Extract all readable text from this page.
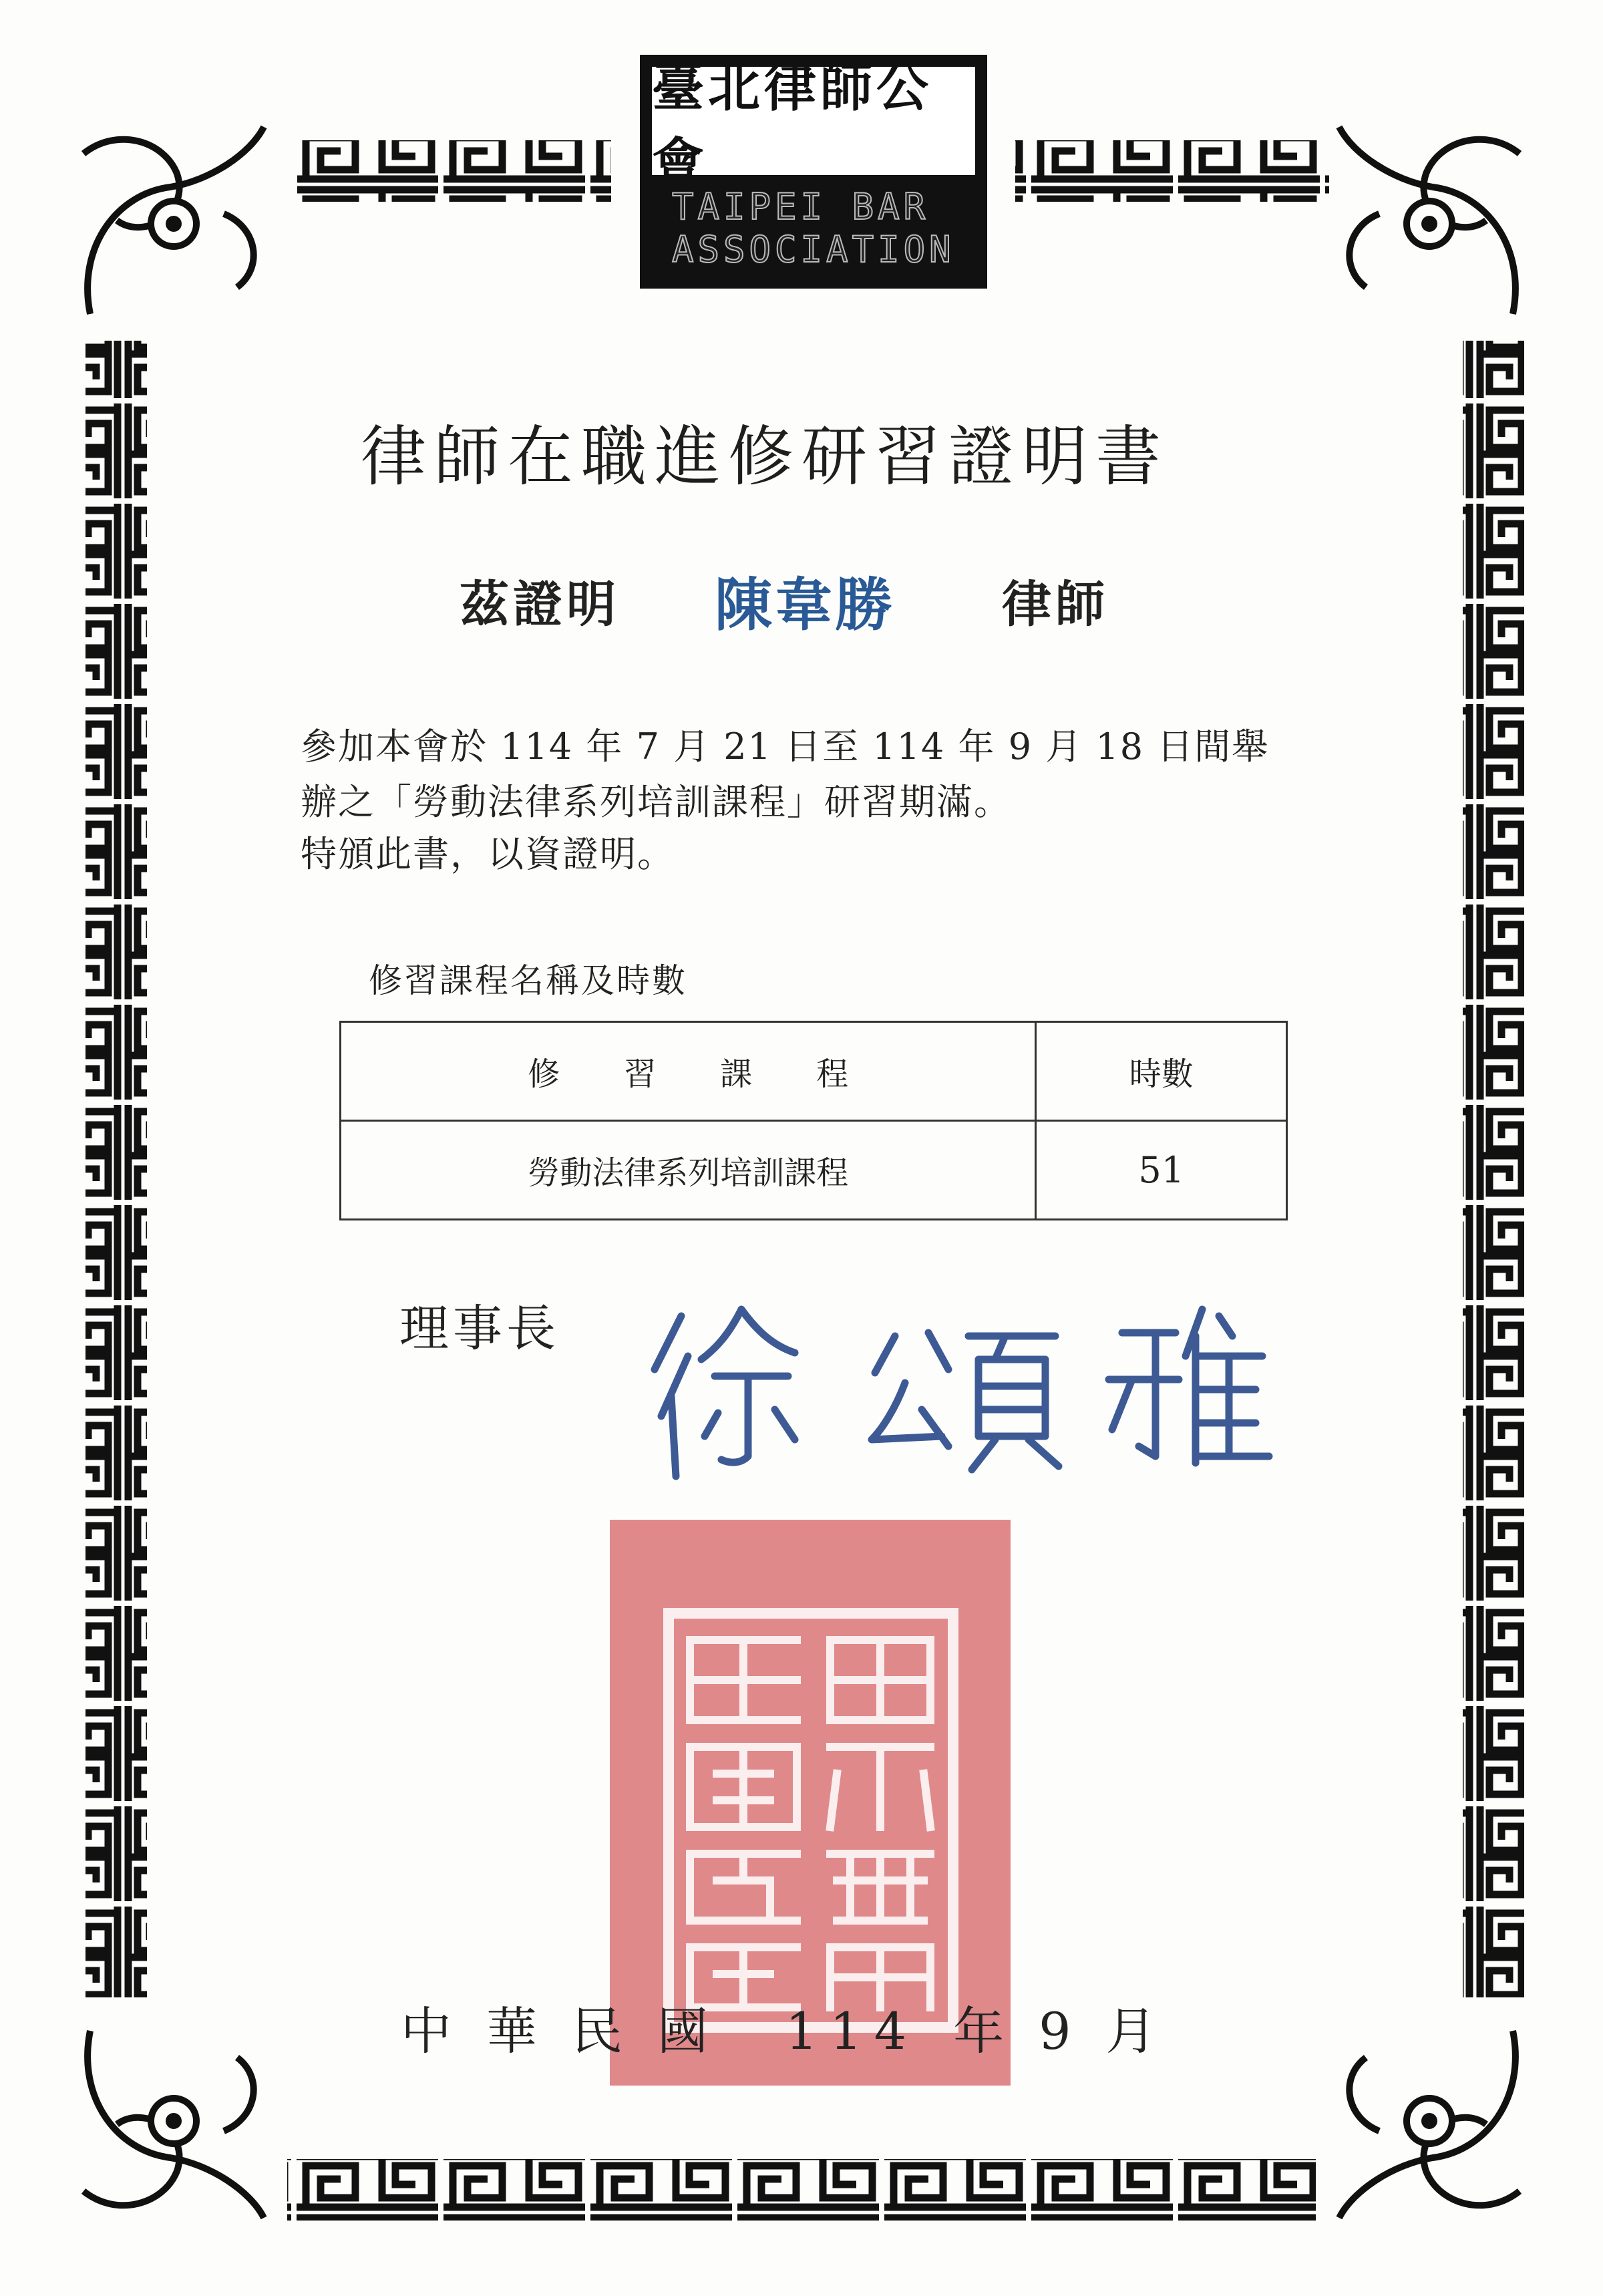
臺北律師公會
TAIPEI BAR
ASSOCIATION
律師在職進修研習證明書
茲證明 陳韋勝 律師
參加本會於 114 年 7 月 21 日至 114 年 9 月 18 日間舉
辦之「勞動法律系列培訓課程」研習期滿。
特頒此書，以資證明。
修習課程名稱及時數
修習課程	時數
勞動法律系列培訓課程	51
理事長
中華民國 114 年 9 月
